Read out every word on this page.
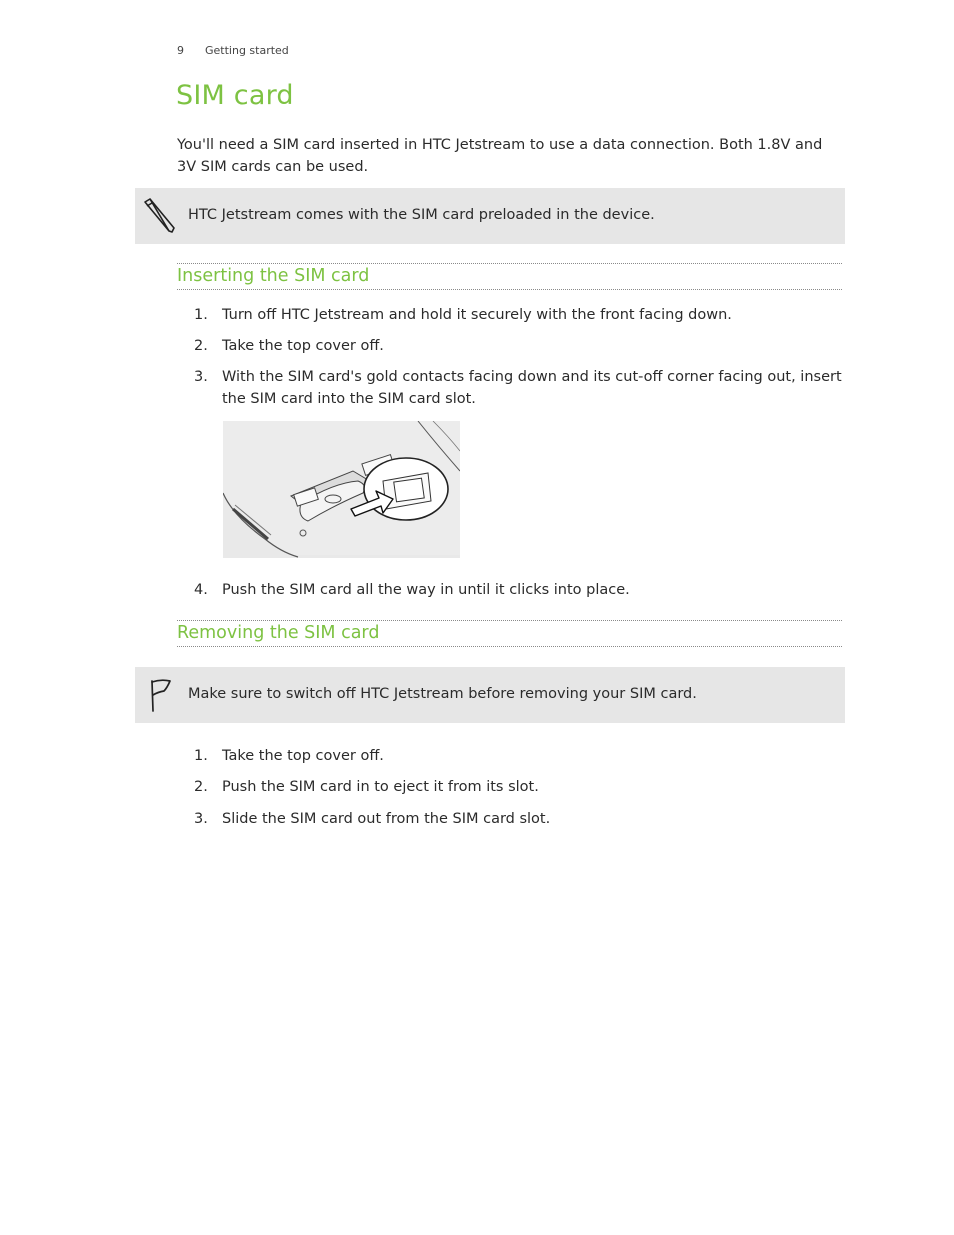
9 Getting started
SIM card

You'll need a SIM card inserted in HTC Jetstream to use a data connection. Both 1.8V and 3V SIM cards can be used.

HTC Jetstream comes with the SIM card preloaded in the device.
Inserting the SIM card
1. Turn off HTC Jetstream and hold it securely with the front facing down.
2. Take the top cover off.
3. With the SIM card's gold contacts facing down and its cut-off corner facing out, insert the SIM card into the SIM card slot.
4. Push the SIM card all the way in until it clicks into place.
Removing the SIM card
Make sure to switch off HTC Jetstream before removing your SIM card.
1. Take the top cover off.
2. Push the SIM card in to eject it from its slot.
3. Slide the SIM card out from the SIM card slot.
